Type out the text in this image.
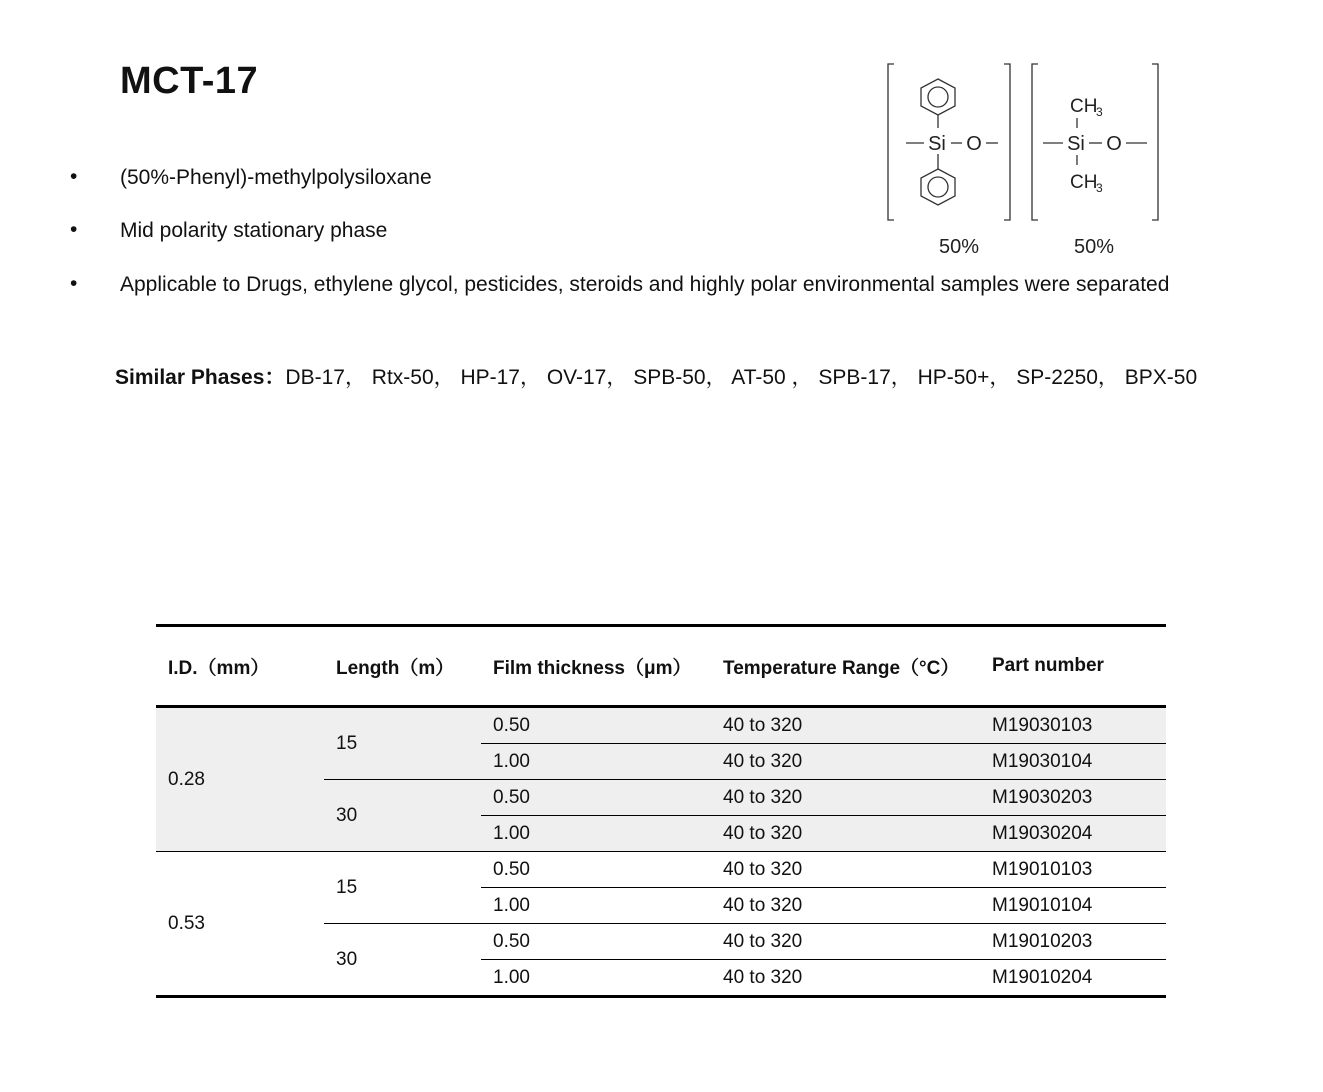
MCT-17
• (50%-Phenyl)-methylpolysiloxane
• Mid polarity stationary phase
• Applicable to Drugs, ethylene glycol, pesticides, steroids and highly polar environmental samples were separated
Similar Phases：DB-17， Rtx-50， HP-17， OV-17， SPB-50， AT-50 ， SPB-17， HP-50+， SP-2250， BPX-50
Si O
CH
3
Si O
CH
3
50%	50%
I.D.（mm）	Length（m）	Film thickness（μm）	Temperature Range（°C）	Part number
0.28	15	0.50	40 to 320	M19030103
		1.00	40 to 320	M19030104
	30	0.50	40 to 320	M19030203
		1.00	40 to 320	M19030204
0.53	15	0.50	40 to 320	M19010103
		1.00	40 to 320	M19010104
	30	0.50	40 to 320	M19010203
		1.00	40 to 320	M19010204
